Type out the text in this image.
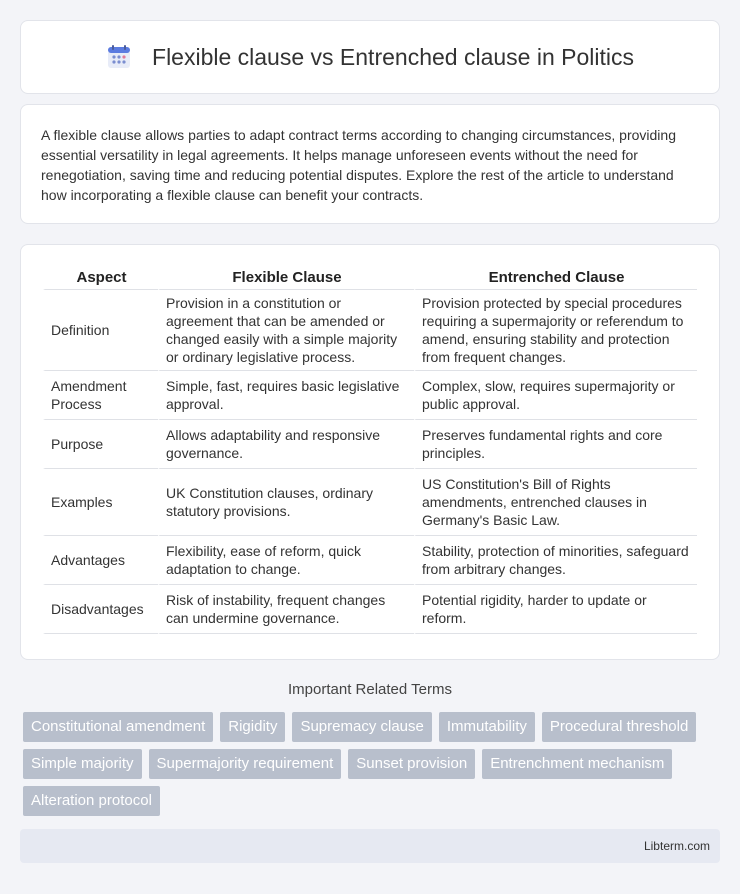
Flexible clause vs Entrenched clause in Politics

A flexible clause allows parties to adapt contract terms according to changing circumstances, providing essential versatility in legal agreements. It helps manage unforeseen events without the need for renegotiation, saving time and reducing potential disputes. Explore the rest of the article to understand how incorporating a flexible clause can benefit your contracts.

Aspect	Flexible Clause	Entrenched Clause
Definition	Provision in a constitution or agreement that can be amended or changed easily with a simple majority or ordinary legislative process.	Provision protected by special procedures requiring a supermajority or referendum to amend, ensuring stability and protection from frequent changes.
Amendment Process	Simple, fast, requires basic legislative approval.	Complex, slow, requires supermajority or public approval.
Purpose	Allows adaptability and responsive governance.	Preserves fundamental rights and core principles.
Examples	UK Constitution clauses, ordinary statutory provisions.	US Constitution's Bill of Rights amendments, entrenched clauses in Germany's Basic Law.
Advantages	Flexibility, ease of reform, quick adaptation to change.	Stability, protection of minorities, safeguard from arbitrary changes.
Disadvantages	Risk of instability, frequent changes can undermine governance.	Potential rigidity, harder to update or reform.
Important Related Terms
Constitutional amendment	Rigidity	Supremacy clause	Immutability	Procedural threshold
Simple majority	Supermajority requirement	Sunset provision	Entrenchment mechanism
Alteration protocol
Libterm.com
